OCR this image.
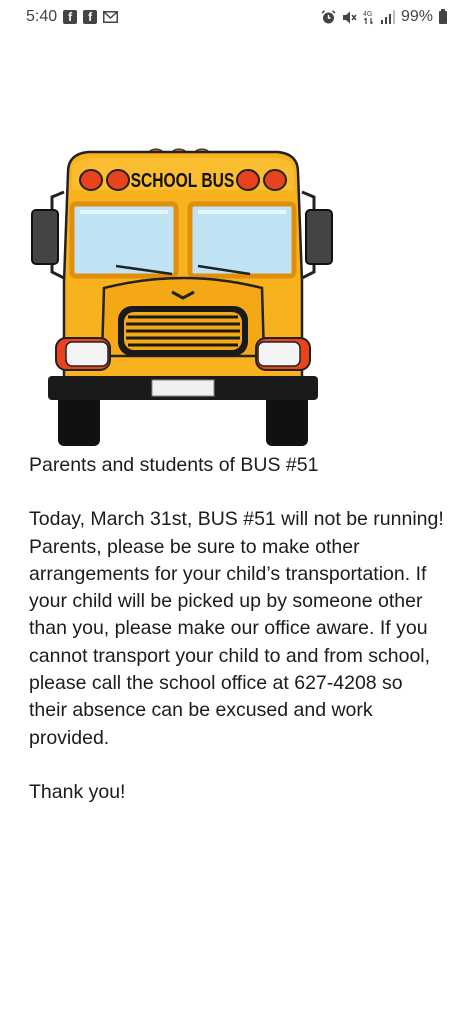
5:40 f	f	4G 99%
SCHOOL BUS

Parents and students of BUS #51

Today, March 31st, BUS #51 will not be running! Parents, please be sure to make other arrangements for your child’s transportation. If your child will be picked up by someone other than you, please make our office aware. If you cannot transport your child to and from school, please call the school office at 627-4208 so their absence can be excused and work provided.

Thank you!
